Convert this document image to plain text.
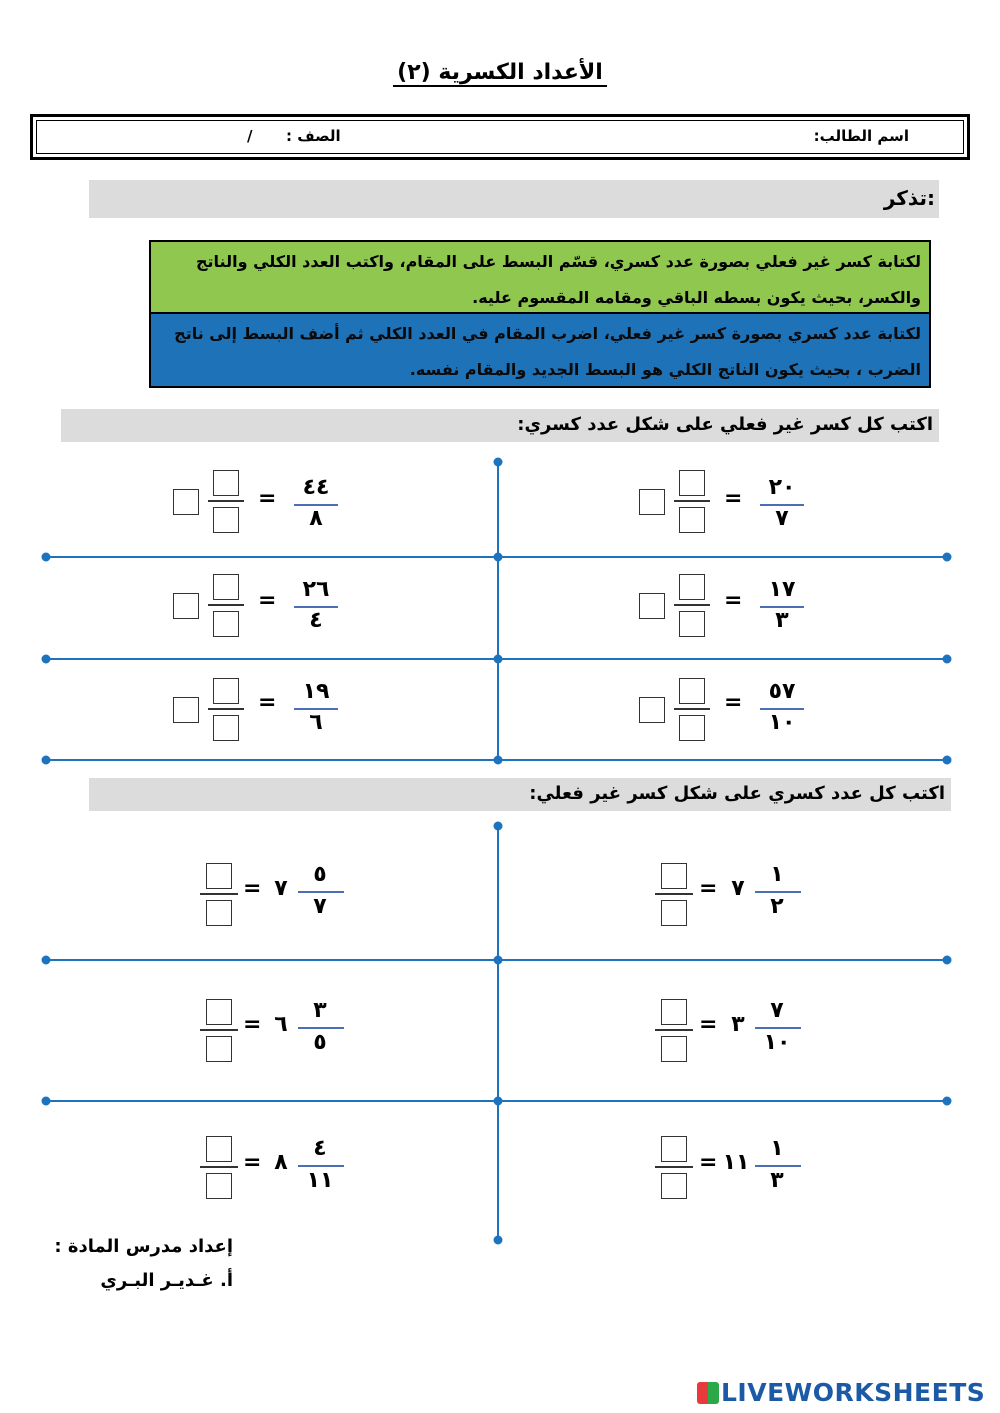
الأعداد الكسرية (٢)
اسم الطالب:
الصف :
/
تذكر:
لكتابة كسر غير فعلي بصورة عدد كسري، قسّم البسط على المقام، واكتب العدد الكلي والناتج والكسر، بحيث يكون بسطه الباقي ومقامه المقسوم عليه.
لكتابة عدد كسري بصورة كسر غير فعلي، اضرب المقام في العدد الكلي ثم أضف البسط إلى ناتج الضرب ، بحيث يكون الناتج الكلي هو البسط الجديد والمقام نفسه.
اكتب كل كسر غير فعلي على شكل عدد كسري:
اكتب كل عدد كسري على شكل كسر غير فعلي:
٢٠
٧
=
٤٤
٨
=
١٧
٣
=
٢٦
٤
=
٥٧
١٠
=
١٩
٦
=
١
٢
٧
=
٥
٧
٧
=
٧
١٠
٣
=
٣
٥
٦
=
١
٣
١١
=
٤
١١
٨
=
إعداد مدرس المادة :
أ. غـديـر البـري
LIVEWORKSHEETS
